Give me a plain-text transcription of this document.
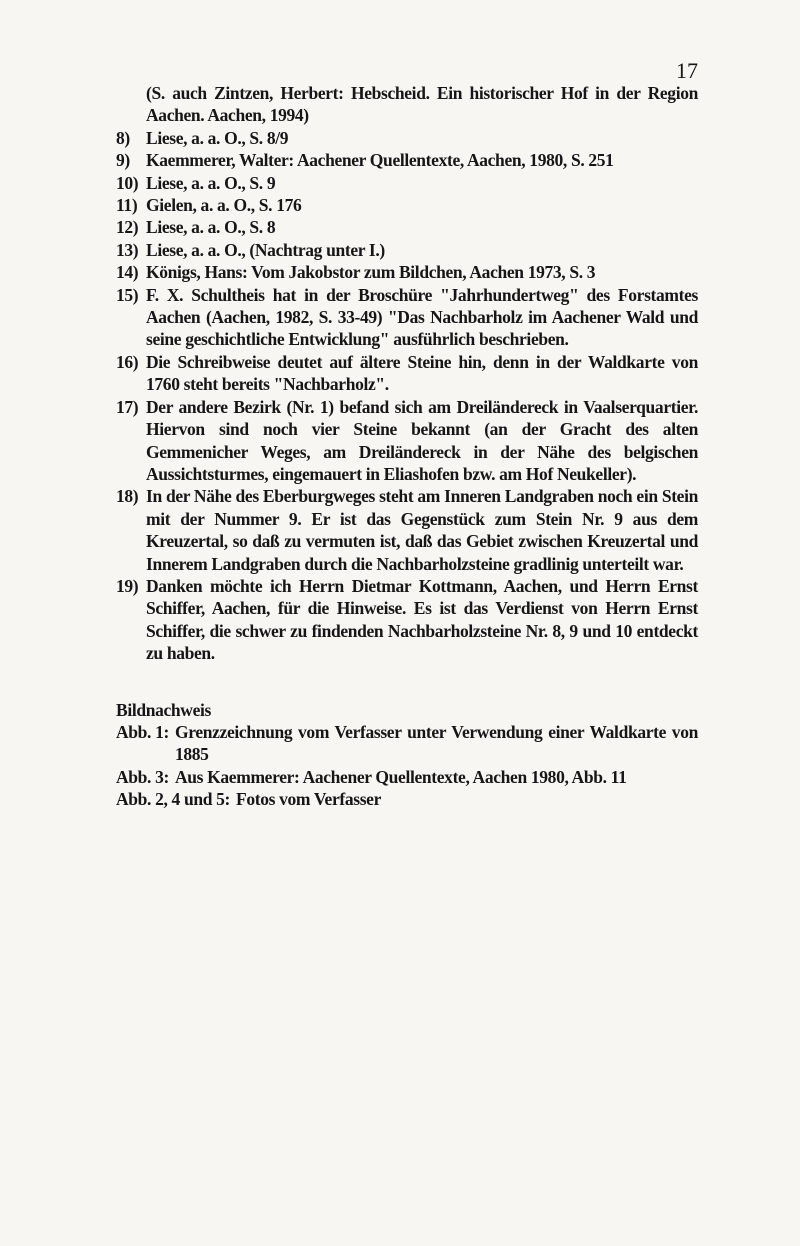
17
(S. auch Zintzen, Herbert: Hebscheid. Ein historischer Hof in der Region Aachen. Aachen, 1994)
8) Liese, a. a. O., S. 8/9
9) Kaemmerer, Walter: Aachener Quellentexte, Aachen, 1980, S. 251
10) Liese, a. a. O., S. 9
11) Gielen, a. a. O., S. 176
12) Liese, a. a. O., S. 8
13) Liese, a. a. O., (Nachtrag unter I.)
14) Königs, Hans: Vom Jakobstor zum Bildchen, Aachen 1973, S. 3
15) F. X. Schultheis hat in der Broschüre "Jahrhundertweg" des Forstamtes Aachen (Aachen, 1982, S. 33-49) "Das Nachbarholz im Aachener Wald und seine geschichtliche Entwicklung" ausführlich beschrieben.
16) Die Schreibweise deutet auf ältere Steine hin, denn in der Waldkarte von 1760 steht bereits "Nachbarholz".
17) Der andere Bezirk (Nr. 1) befand sich am Dreiländereck in Vaalserquartier. Hiervon sind noch vier Steine bekannt (an der Gracht des alten Gemmenicher Weges, am Dreiländereck in der Nähe des belgischen Aussichtsturmes, eingemauert in Eliashofen bzw. am Hof Neukeller).
18) In der Nähe des Eberburgweges steht am Inneren Landgraben noch ein Stein mit der Nummer 9. Er ist das Gegenstück zum Stein Nr. 9 aus dem Kreuzertal, so daß zu vermuten ist, daß das Gebiet zwischen Kreuzertal und Innerem Landgraben durch die Nachbarholzsteine gradlinig unterteilt war.
19) Danken möchte ich Herrn Dietmar Kottmann, Aachen, und Herrn Ernst Schiffer, Aachen, für die Hinweise. Es ist das Verdienst von Herrn Ernst Schiffer, die schwer zu findenden Nachbarholzsteine Nr. 8, 9 und 10 entdeckt zu haben.
Bildnachweis
Abb. 1: Grenzzeichnung vom Verfasser unter Verwendung einer Waldkarte von 1885
Abb. 3: Aus Kaemmerer: Aachener Quellentexte, Aachen 1980, Abb. 11
Abb. 2, 4 und 5: Fotos vom Verfasser
